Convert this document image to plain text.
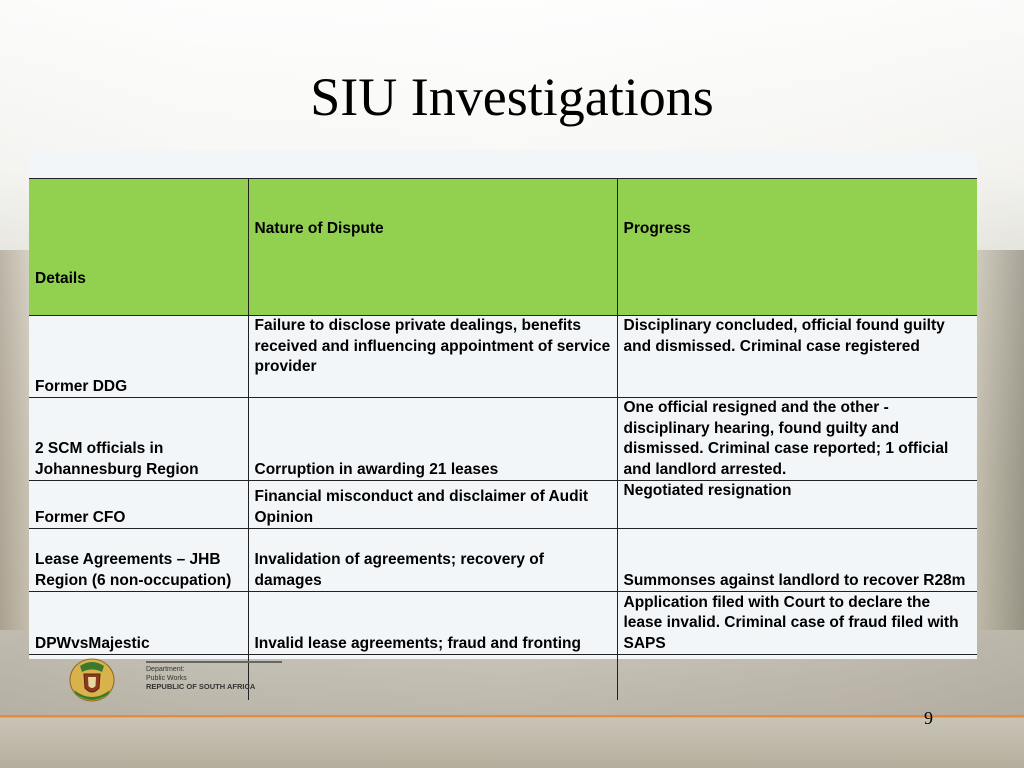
SIU Investigations

Details	Nature of Dispute	Progress
Former DDG	Failure to disclose private dealings, benefits received and influencing appointment of service provider	Disciplinary concluded, official found guilty and dismissed. Criminal case registered
2 SCM officials in Johannesburg Region	Corruption in awarding 21 leases	One official resigned and the other - disciplinary hearing, found guilty and dismissed. Criminal case reported; 1 official and landlord arrested.
Former CFO	Financial misconduct and disclaimer of Audit Opinion	Negotiated resignation
Lease Agreements – JHB Region (6 non-occupation)	Invalidation of agreements; recovery of damages	Summonses against landlord to recover R28m
DPWvsMajestic	Invalid lease agreements; fraud and fronting	Application filed with Court to declare the lease invalid. Criminal case of fraud filed with SAPS

Department:
Public Works
REPUBLIC OF SOUTH AFRICA
9
